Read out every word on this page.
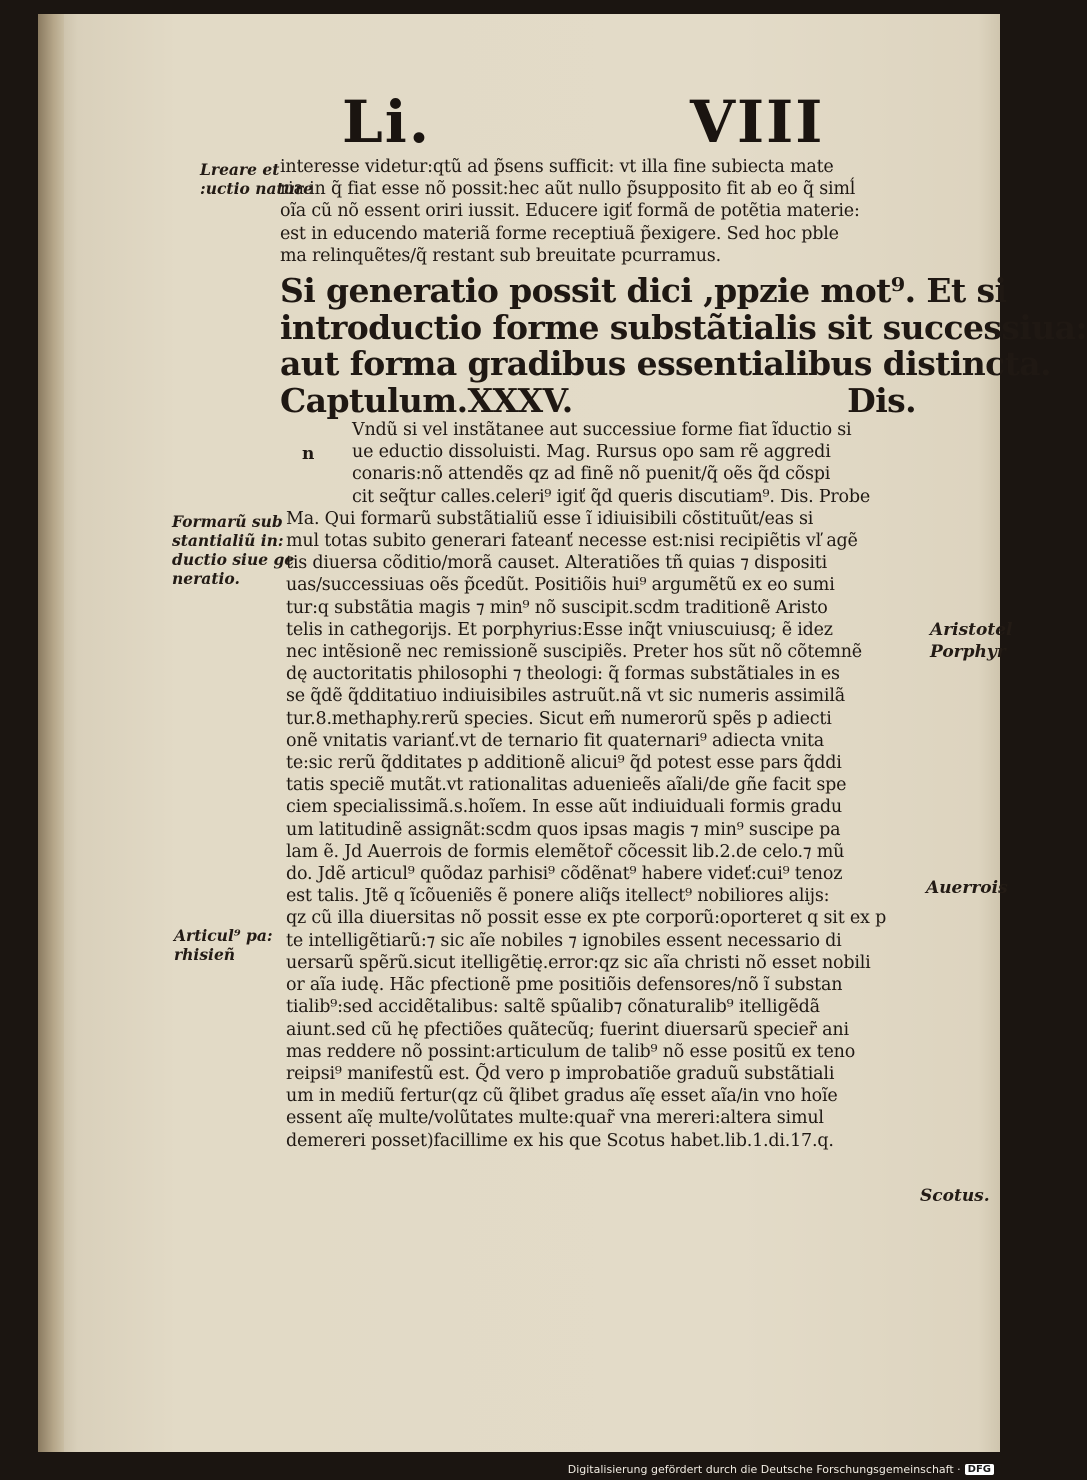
Li.	VIII
Lreare et
:uctio nature
Formarũ sub
stantialiũ in:
ductio siue ge
neratio.
Articul⁹ pa:
rhisieñ
Aristotel
Porphyr
Auerrois
Scotus.
n
interesse videtur:qtũ ad p̃sens sufficit: vt illa fine subiecta mate
ria in q̃ fiat esse nõ possit:hec aũt nullo p̃supposito fit ab eo q̃ simĺ
oĩa cũ nõ essent oriri iussit. Educere igiť formã de potẽtia materie:
est in educendo materiã forme receptiuã p̃exigere. Sed hoc pble
ma relinquẽtes/q̃ restant sub breuitate pcurramus.
Si generatio possit dici ,ppzie mot⁹. Et si
introductio forme substãtialis sit successiua:
aut forma gradibus essentialibus distincta.
Captulum.XXXV.	Dis.
Vndũ si vel instãtanee aut successiue forme fiat ĩductio si
ue eductio dissoluisti. Mag. Rursus opo sam rẽ aggredi
conaris:nõ attendẽs qz ad finẽ nõ puenit/q̃ oẽs q̃d cõspi
cit seq̃tur calles.celeri⁹ igiť q̃d queris discutiam⁹. Dis. Probe
Ma. Qui formarũ substãtialiũ esse ĩ idiuisibili cõstituũt/eas si
mul totas subito generari fateanť necesse est:nisi recipiẽtis vľ agẽ
tis diuersa cõditio/morã causet. Alteratiões tñ quias ⁊ dispositi
uas/successiuas oẽs p̃cedũt. Positiõis hui⁹ argumẽtũ ex eo sumi
tur:q substãtia magis ⁊ min⁹ nõ suscipit.scdm traditionẽ Aristo
telis in cathegorijs. Et porphyrius:Esse inq̃t vniuscuiusq; ẽ idez
nec intẽsionẽ nec remissionẽ suscipiẽs. Preter hos sũt nõ cõtemnẽ
dę auctoritatis philosophi ⁊ theologi: q̃ formas substãtiales in es
se q̃dẽ q̃dditatiuo indiuisibiles astruũt.nã vt sic numeris assimilã
tur.8.methaphy.rerũ species. Sicut em̃ numerorũ spẽs p adiecti
onẽ vnitatis varianť.vt de ternario fit quaternari⁹ adiecta vnita
te:sic rerũ q̃dditates p additionẽ alicui⁹ q̃d potest esse pars q̃ddi
tatis speciẽ mutãt.vt rationalitas aduenieẽs aĩali/de gñe facit spe
ciem specialissimã.s.hoĩem. In esse aũt indiuiduali formis gradu
um latitudinẽ assignãt:scdm quos ipsas magis ⁊ min⁹ suscipe pa
lam ẽ. Jd Auerrois de formis elemẽtor̃ cõcessit lib.2.de celo.⁊ mũ
do. Jdẽ articul⁹ quõdaz parhisi⁹ cõdẽnat⁹ habere videť:cui⁹ tenoz
est talis. Jtẽ q ĩcõueniẽs ẽ ponere aliq̃s itellect⁹ nobiliores alijs:
qz cũ illa diuersitas nõ possit esse ex pte corporũ:oporteret q sit ex p
te intelligẽtiarũ:⁊ sic aĩe nobiles ⁊ ignobiles essent necessario di
uersarũ spẽrũ.sicut itelligẽtię.error:qz sic aĩa christi nõ esset nobili
or aĩa iudę. Hãc pfectionẽ pme positiõis defensores/nõ ĩ substan
tialib⁹:sed accidẽtalibus: saltẽ spũalib⁊ cõnaturalib⁹ itelligẽdã
aiunt.sed cũ hę pfectiões quãtecũq; fuerint diuersarũ specier̃ ani
mas reddere nõ possint:articulum de talib⁹ nõ esse positũ ex teno
reipsi⁹ manifestũ est. Q̃d vero p improbatiõe graduũ substãtiali
um in mediũ fertur(qz cũ q̃libet gradus aĩę esset aĩa/in vno hoĩe
essent aĩę multe/volũtates multe:quar̃ vna mereri:altera simul
demereri posset)facillime ex his que Scotus habet.lib.1.di.17.q.
Digitalisierung gefördert durch die Deutsche Forschungsgemeinschaft · DFG
